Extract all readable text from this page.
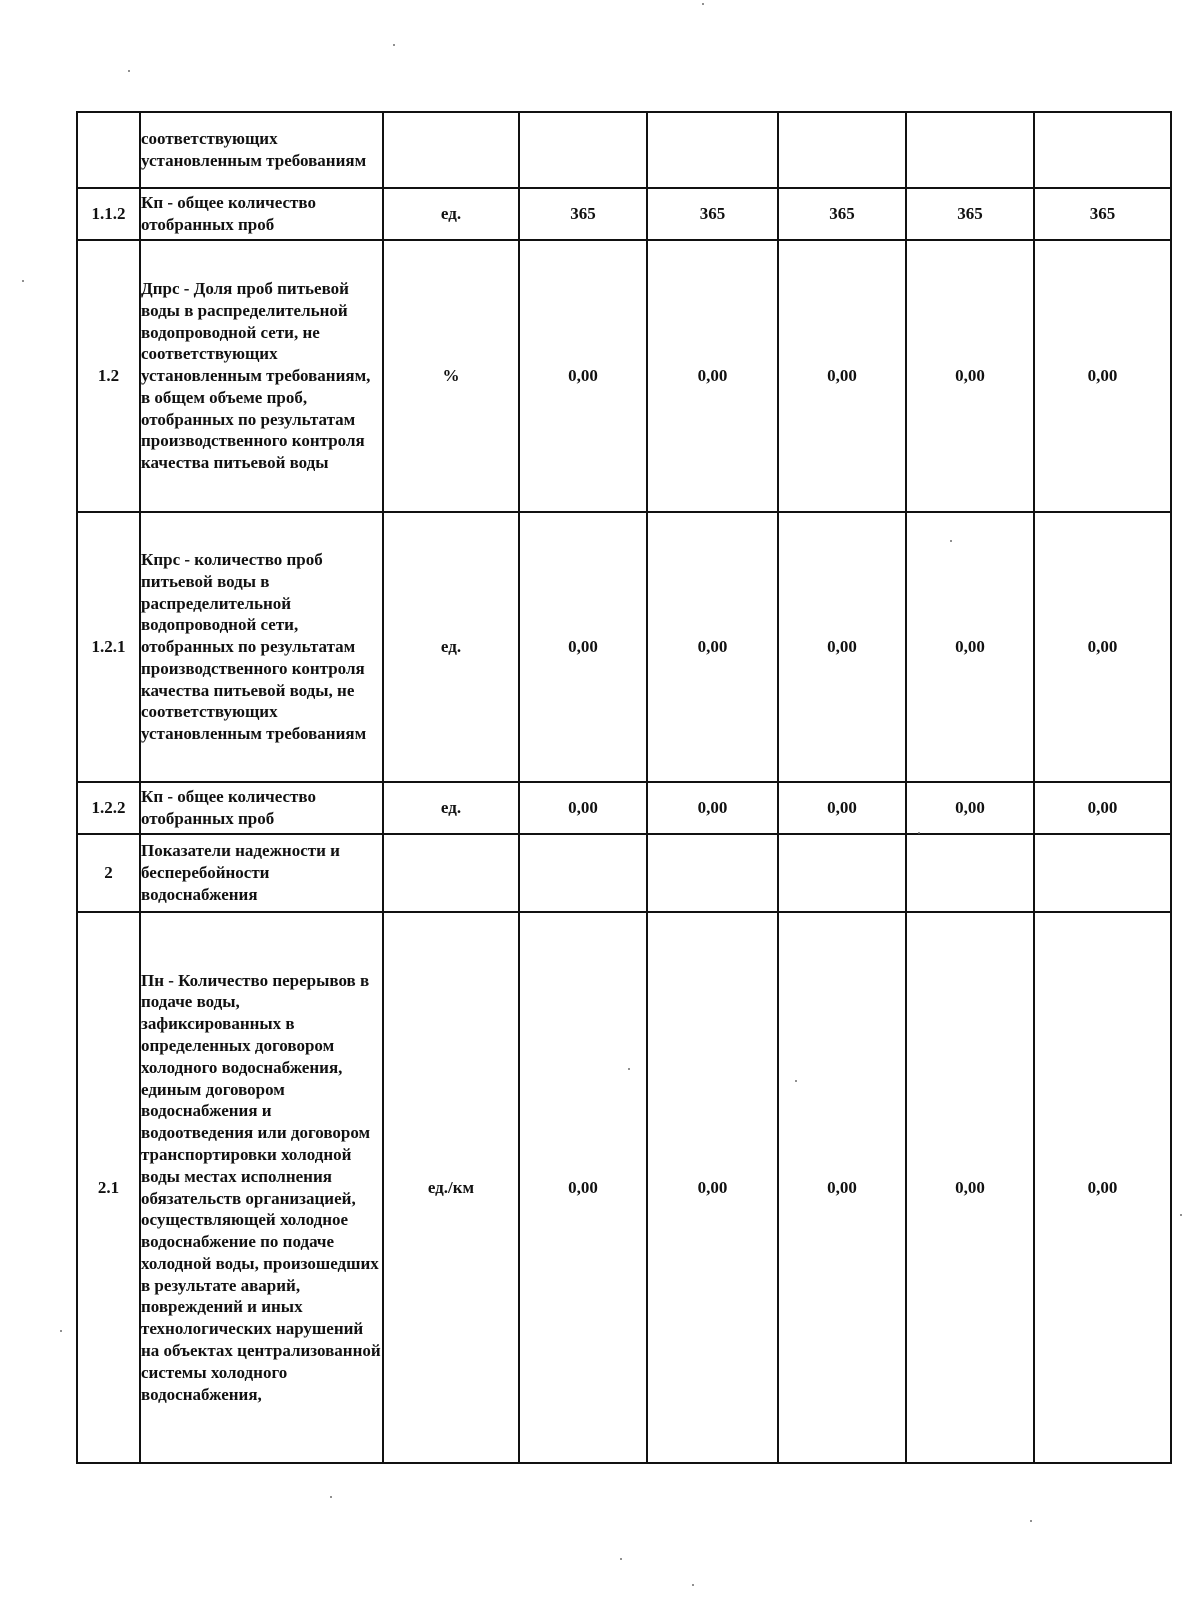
	соответствующих установленным требованиям						
1.1.2	Кп - общее количество отобранных проб	ед.	365	365	365	365	365
1.2	Дпрс - Доля проб питьевой воды в распределительной водопроводной сети, не соответствующих установленным требованиям, в общем объеме проб, отобранных по результатам производственного контроля качества питьевой воды	%	0,00	0,00	0,00	0,00	0,00
1.2.1	Кпрс - количество проб питьевой воды в распределительной водопроводной сети, отобранных по результатам производственного контроля качества питьевой воды, не соответствующих установленным требованиям	ед.	0,00	0,00	0,00	0,00	0,00
1.2.2	Кп - общее количество отобранных проб	ед.	0,00	0,00	0,00	0,00	0,00
2	Показатели надежности и бесперебойности водоснабжения						
2.1	Пн - Количество перерывов в подаче воды, зафиксированных в определенных договором холодного водоснабжения, единым договором водоснабжения и водоотведения или договором транспортировки холодной воды местах исполнения обязательств организацией, осуществляющей холодное водоснабжение по подаче холодной воды, произошедших в результате аварий, повреждений и иных технологических нарушений на объектах централизованной системы холодного водоснабжения,	ед./км	0,00	0,00	0,00	0,00	0,00
